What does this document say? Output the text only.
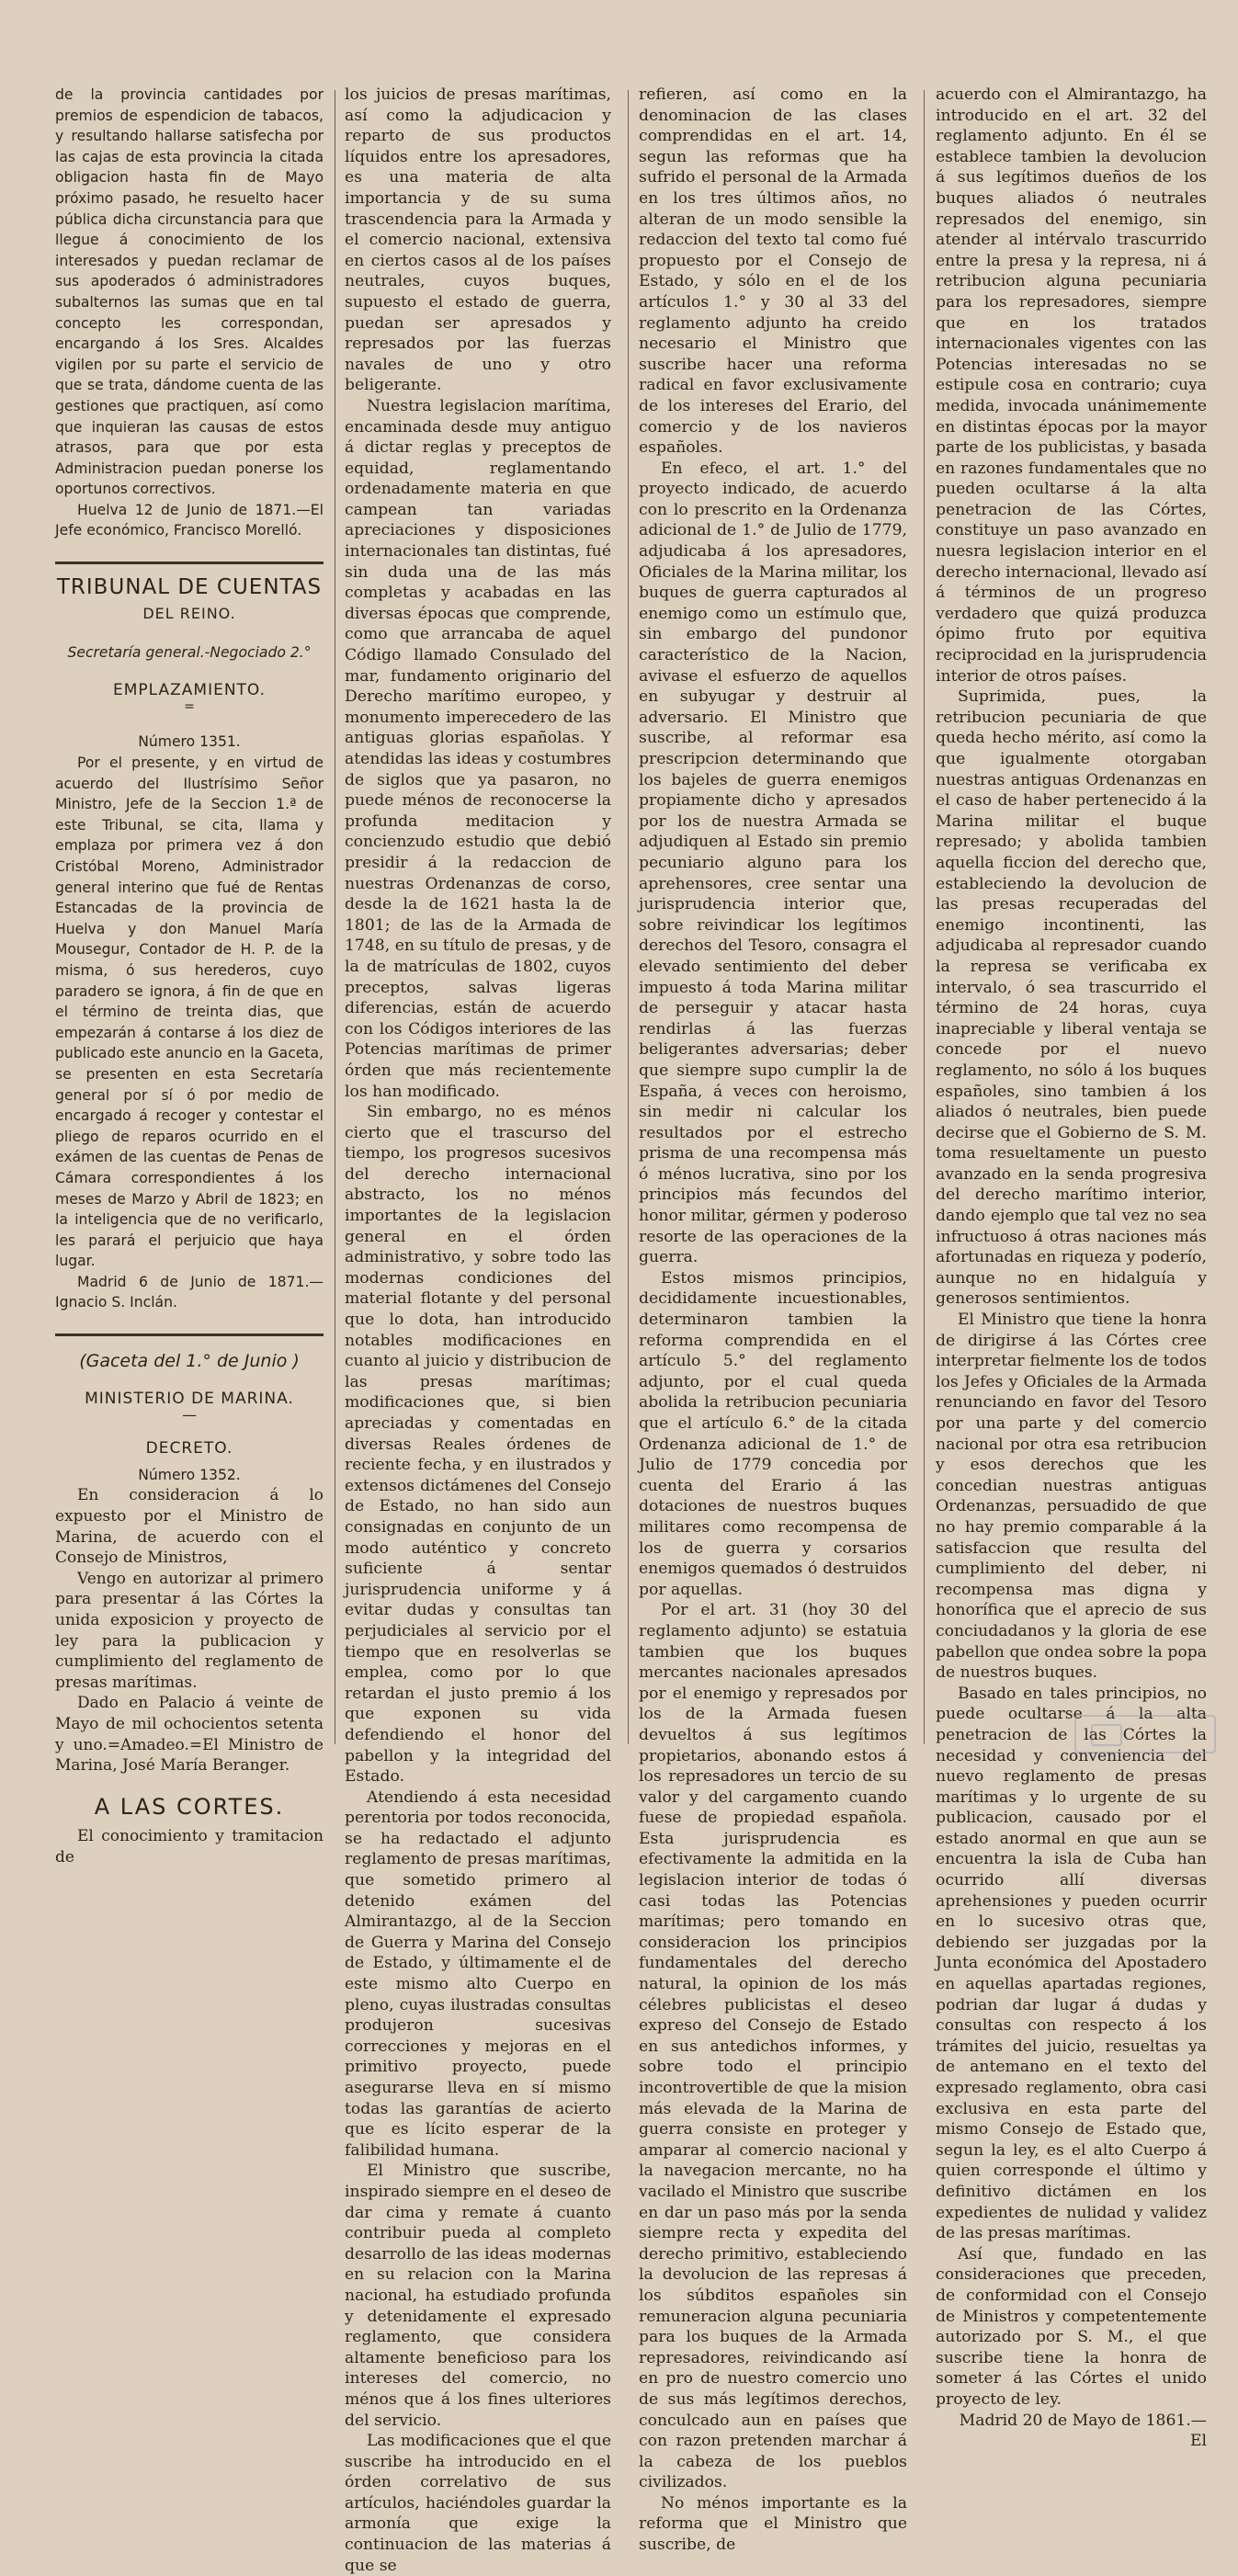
de la provincia cantidades por premios de espendicion de tabacos, y resultando hallarse satisfecha por las cajas de esta provincia la citada obligacion hasta fin de Mayo próximo pasado, he resuelto hacer pública dicha circunstancia para que llegue á conocimiento de los interesados y puedan reclamar de sus apoderados ó administradores subalternos las sumas que en tal concepto les correspondan, encargando á los Sres. Alcaldes vigilen por su parte el servicio de que se trata, dándome cuenta de las gestiones que practiquen, así como que inquieran las causas de estos atrasos, para que por esta Administracion puedan ponerse los oportunos correctivos.

Huelva 12 de Junio de 1871.—El Jefe económico, Francisco Morelló.

TRIBUNAL DE CUENTAS
DEL REINO.
Secretaría general.-Negociado 2.°
EMPLAZAMIENTO.
=
Número 1351.

Por el presente, y en virtud de acuerdo del Ilustrísimo Señor Ministro, Jefe de la Seccion 1.ª de este Tribunal, se cita, llama y emplaza por primera vez á don Cristóbal Moreno, Administrador general interino que fué de Rentas Estancadas de la provincia de Huelva y don Manuel María Mousegur, Contador de H. P. de la misma, ó sus herederos, cuyo paradero se ignora, á fin de que en el término de treinta dias, que empezarán á contarse á los diez de publicado este anuncio en la Gaceta, se presenten en esta Secretaría general por sí ó por medio de encargado á recoger y contestar el pliego de reparos ocurrido en el exámen de las cuentas de Penas de Cámara correspondientes á los meses de Marzo y Abril de 1823; en la inteligencia que de no verificarlo, les parará el perjuicio que haya lugar.

Madrid 6 de Junio de 1871.—Ignacio S. Inclán.

(Gaceta del 1.° de Junio )
MINISTERIO DE MARINA.
—
DECRETO.
Número 1352.

En consideracion á lo expuesto por el Ministro de Marina, de acuerdo con el Consejo de Ministros,

Vengo en autorizar al primero para presentar á las Córtes la unida exposicion y proyecto de ley para la publicacion y cumplimiento del reglamento de presas marítimas.

Dado en Palacio á veinte de Mayo de mil ochocientos setenta y uno.=Amadeo.=El Ministro de Marina, José María Beranger.

A LAS CORTES.

El conocimiento y tramitacion de

los juicios de presas marítimas, así como la adjudicacion y reparto de sus productos líquidos entre los apresadores, es una materia de alta importancia y de su suma trascendencia para la Armada y el comercio nacional, extensiva en ciertos casos al de los países neutrales, cuyos buques, supuesto el estado de guerra, puedan ser apresados y represados por las fuerzas navales de uno y otro beligerante.

Nuestra legislacion marítima, encaminada desde muy antiguo á dictar reglas y preceptos de equidad, reglamentando ordenadamente materia en que campean tan variadas apreciaciones y disposiciones internacionales tan distintas, fué sin duda una de las más completas y acabadas en las diversas épocas que comprende, como que arrancaba de aquel Código llamado Consulado del mar, fundamento originario del Derecho marítimo europeo, y monumento imperecedero de las antiguas glorias españolas. Y atendidas las ideas y costumbres de siglos que ya pasaron, no puede ménos de reconocerse la profunda meditacion y concienzudo estudio que debió presidir á la redaccion de nuestras Ordenanzas de corso, desde la de 1621 hasta la de 1801; de las de la Armada de 1748, en su título de presas, y de la de matrículas de 1802, cuyos preceptos, salvas ligeras diferencias, están de acuerdo con los Códigos interiores de las Potencias marítimas de primer órden que más recientemente los han modificado.

Sin embargo, no es ménos cierto que el trascurso del tiempo, los progresos sucesivos del derecho internacional abstracto, los no ménos importantes de la legislacion general en el órden administrativo, y sobre todo las modernas condiciones del material flotante y del personal que lo dota, han introducido notables modificaciones en cuanto al juicio y distribucion de las presas marítimas; modificaciones que, si bien apreciadas y comentadas en diversas Reales órdenes de reciente fecha, y en ilustrados y extensos dictámenes del Consejo de Estado, no han sido aun consignadas en conjunto de un modo auténtico y concreto suficiente á sentar jurisprudencia uniforme y á evitar dudas y consultas tan perjudiciales al servicio por el tiempo que en resolverlas se emplea, como por lo que retardan el justo premio á los que exponen su vida defendiendo el honor del pabellon y la integridad del Estado.

Atendiendo á esta necesidad perentoria por todos reconocida, se ha redactado el adjunto reglamento de presas marítimas, que sometido primero al detenido exámen del Almirantazgo, al de la Seccion de Guerra y Marina del Consejo de Estado, y últimamente el de este mismo alto Cuerpo en pleno, cuyas ilustradas consultas produjeron sucesivas correcciones y mejoras en el primitivo proyecto, puede asegurarse lleva en sí mismo todas las garantías de acierto que es lícito esperar de la falibilidad humana.

El Ministro que suscribe, inspirado siempre en el deseo de dar cima y remate á cuanto contribuir pueda al completo desarrollo de las ideas modernas en su relacion con la Marina nacional, ha estudiado profunda y detenidamente el expresado reglamento, que considera altamente beneficioso para los intereses del comercio, no ménos que á los fines ulteriores del servicio.

Las modificaciones que el que suscribe ha introducido en el órden correlativo de sus artículos, haciéndoles guardar la armonía que exige la continuacion de las materias á que se

refieren, así como en la denominacion de las clases comprendidas en el art. 14, segun las reformas que ha sufrido el personal de la Armada en los tres últimos años, no alteran de un modo sensible la redaccion del texto tal como fué propuesto por el Consejo de Estado, y sólo en el de los artículos 1.° y 30 al 33 del reglamento adjunto ha creido necesario el Ministro que suscribe hacer una reforma radical en favor exclusivamente de los intereses del Erario, del comercio y de los navieros españoles.

En efeco, el art. 1.° del proyecto indicado, de acuerdo con lo prescrito en la Ordenanza adicional de 1.° de Julio de 1779, adjudicaba á los apresadores, Oficiales de la Marina militar, los buques de guerra capturados al enemigo como un estímulo que, sin embargo del pundonor característico de la Nacion, avivase el esfuerzo de aquellos en subyugar y destruir al adversario. El Ministro que suscribe, al reformar esa prescripcion determinando que los bajeles de guerra enemigos propiamente dicho y apresados por los de nuestra Armada se adjudiquen al Estado sin premio pecuniario alguno para los aprehensores, cree sentar una jurisprudencia interior que, sobre reivindicar los legítimos derechos del Tesoro, consagra el elevado sentimiento del deber impuesto á toda Marina militar de perseguir y atacar hasta rendirlas á las fuerzas beligerantes adversarias; deber que siempre supo cumplir la de España, á veces con heroismo, sin medir ni calcular los resultados por el estrecho prisma de una recompensa más ó ménos lucrativa, sino por los principios más fecundos del honor militar, gérmen y poderoso resorte de las operaciones de la guerra.

Estos mismos principios, decididamente incuestionables, determinaron tambien la reforma comprendida en el artículo 5.° del reglamento adjunto, por el cual queda abolida la retribucion pecuniaria que el artículo 6.° de la citada Ordenanza adicional de 1.° de Julio de 1779 concedia por cuenta del Erario á las dotaciones de nuestros buques militares como recompensa de los de guerra y corsarios enemigos quemados ó destruidos por aquellas.

Por el art. 31 (hoy 30 del reglamento adjunto) se estatuia tambien que los buques mercantes nacionales apresados por el enemigo y represados por los de la Armada fuesen devueltos á sus legítimos propietarios, abonando estos á los represadores un tercio de su valor y del cargamento cuando fuese de propiedad española. Esta jurisprudencia es efectivamente la admitida en la legislacion interior de todas ó casi todas las Potencias marítimas; pero tomando en consideracion los principios fundamentales del derecho natural, la opinion de los más célebres publicistas el deseo expreso del Consejo de Estado en sus antedichos informes, y sobre todo el principio incontrovertible de que la mision más elevada de la Marina de guerra consiste en proteger y amparar al comercio nacional y la navegacion mercante, no ha vacilado el Ministro que suscribe en dar un paso más por la senda siempre recta y expedita del derecho primitivo, estableciendo la devolucion de las represas á los súbditos españoles sin remuneracion alguna pecuniaria para los buques de la Armada represadores, reivindicando así en pro de nuestro comercio uno de sus más legítimos derechos, conculcado aun en países que con razon pretenden marchar á la cabeza de los pueblos civilizados.

No ménos importante es la reforma que el Ministro que suscribe, de

acuerdo con el Almirantazgo, ha introducido en el art. 32 del reglamento adjunto. En él se establece tambien la devolucion á sus legítimos dueños de los buques aliados ó neutrales represados del enemigo, sin atender al intérvalo trascurrido entre la presa y la represa, ni á retribucion alguna pecuniaria para los represadores, siempre que en los tratados internacionales vigentes con las Potencias interesadas no se estipule cosa en contrario; cuya medida, invocada unánimemente en distintas épocas por la mayor parte de los publicistas, y basada en razones fundamentales que no pueden ocultarse á la alta penetracion de las Córtes, constituye un paso avanzado en nuesra legislacion interior en el derecho internacional, llevado así á términos de un progreso verdadero que quizá produzca ópimo fruto por equitiva reciprocidad en la jurisprudencia interior de otros países.

Suprimida, pues, la retribucion pecuniaria de que queda hecho mérito, así como la que igualmente otorgaban nuestras antiguas Ordenanzas en el caso de haber pertenecido á la Marina militar el buque represado; y abolida tambien aquella ficcion del derecho que, estableciendo la devolucion de las presas recuperadas del enemigo incontinenti, las adjudicaba al represador cuando la represa se verificaba ex intervalo, ó sea trascurrido el término de 24 horas, cuya inapreciable y liberal ventaja se concede por el nuevo reglamento, no sólo á los buques españoles, sino tambien á los aliados ó neutrales, bien puede decirse que el Gobierno de S. M. toma resueltamente un puesto avanzado en la senda progresiva del derecho marítimo interior, dando ejemplo que tal vez no sea infructuoso á otras naciones más afortunadas en riqueza y poderío, aunque no en hidalguía y generosos sentimientos.

El Ministro que tiene la honra de dirigirse á las Córtes cree interpretar fielmente los de todos los Jefes y Oficiales de la Armada renunciando en favor del Tesoro por una parte y del comercio nacional por otra esa retribucion y esos derechos que les concedian nuestras antiguas Ordenanzas, persuadido de que no hay premio comparable á la satisfaccion que resulta del cumplimiento del deber, ni recompensa mas digna y honorífica que el aprecio de sus conciudadanos y la gloria de ese pabellon que ondea sobre la popa de nuestros buques.

Basado en tales principios, no puede ocultarse á la alta penetracion de las Córtes la necesidad y conveniencia del nuevo reglamento de presas marítimas y lo urgente de su publicacion, causado por el estado anormal en que aun se encuentra la isla de Cuba han ocurrido allí diversas aprehensiones y pueden ocurrir en lo sucesivo otras que, debiendo ser juzgadas por la Junta económica del Apostadero en aquellas apartadas regiones, podrian dar lugar á dudas y consultas con respecto á los trámites del juicio, resueltas ya de antemano en el texto del expresado reglamento, obra casi exclusiva en esta parte del mismo Consejo de Estado que, segun la ley, es el alto Cuerpo á quien corresponde el último y definitivo dictámen en los expedientes de nulidad y validez de las presas marítimas.

Así que, fundado en las consideraciones que preceden, de conformidad con el Consejo de Ministros y competentemente autorizado por S. M., el que suscribe tiene la honra de someter á las Córtes el unido proyecto de ley.

Madrid 20 de Mayo de 1861.—El
